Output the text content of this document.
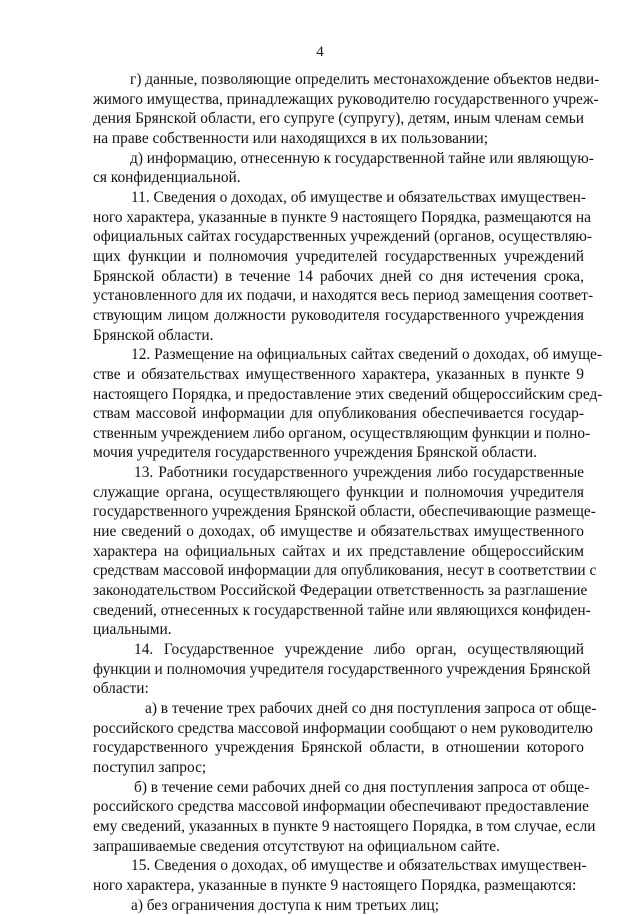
4
г) данные, позволяющие определить местонахождение объектов недви-
жимого имущества, принадлежащих руководителю государственного учреж-
дения Брянской области, его супруге (супругу), детям, иным членам семьи
на праве собственности или находящихся в их пользовании;
д) информацию, отнесенную к государственной тайне или являющую-
ся конфиденциальной.
11. Сведения о доходах, об имуществе и обязательствах имуществен-
ного характера, указанные в пункте 9 настоящего Порядка, размещаются на
официальных сайтах государственных учреждений (органов, осуществляю-
щих функции и полномочия учредителей государственных учреждений
Брянской области) в течение 14 рабочих дней со дня истечения срока,
установленного для их подачи, и находятся весь период замещения соответ-
ствующим лицом должности руководителя государственного учреждения
Брянской области.
12. Размещение на официальных сайтах сведений о доходах, об имуще-
стве и обязательствах имущественного характера, указанных в пункте 9
настоящего Порядка, и предоставление этих сведений общероссийским сред-
ствам массовой информации для опубликования обеспечивается государ-
ственным учреждением либо органом, осуществляющим функции и полно-
мочия учредителя государственного учреждения Брянской области.
13. Работники государственного учреждения либо государственные
служащие органа, осуществляющего функции и полномочия учредителя
государственного учреждения Брянской области, обеспечивающие размеще-
ние сведений о доходах, об имуществе и обязательствах имущественного
характера на официальных сайтах и их представление общероссийским
средствам массовой информации для опубликования, несут в соответствии с
законодательством Российской Федерации ответственность за разглашение
сведений, отнесенных к государственной тайне или являющихся конфиден-
циальными.
14. Государственное учреждение либо орган, осуществляющий
функции и полномочия учредителя государственного учреждения Брянской
области:
а) в течение трех рабочих дней со дня поступления запроса от обще-
российского средства массовой информации сообщают о нем руководителю
государственного учреждения Брянской области, в отношении которого
поступил запрос;
б) в течение семи рабочих дней со дня поступления запроса от обще-
российского средства массовой информации обеспечивают предоставление
ему сведений, указанных в пункте 9 настоящего Порядка, в том случае, если
запрашиваемые сведения отсутствуют на официальном сайте.
15. Сведения о доходах, об имуществе и обязательствах имуществен-
ного характера, указанные в пункте 9 настоящего Порядка, размещаются:
а) без ограничения доступа к ним третьих лиц;
